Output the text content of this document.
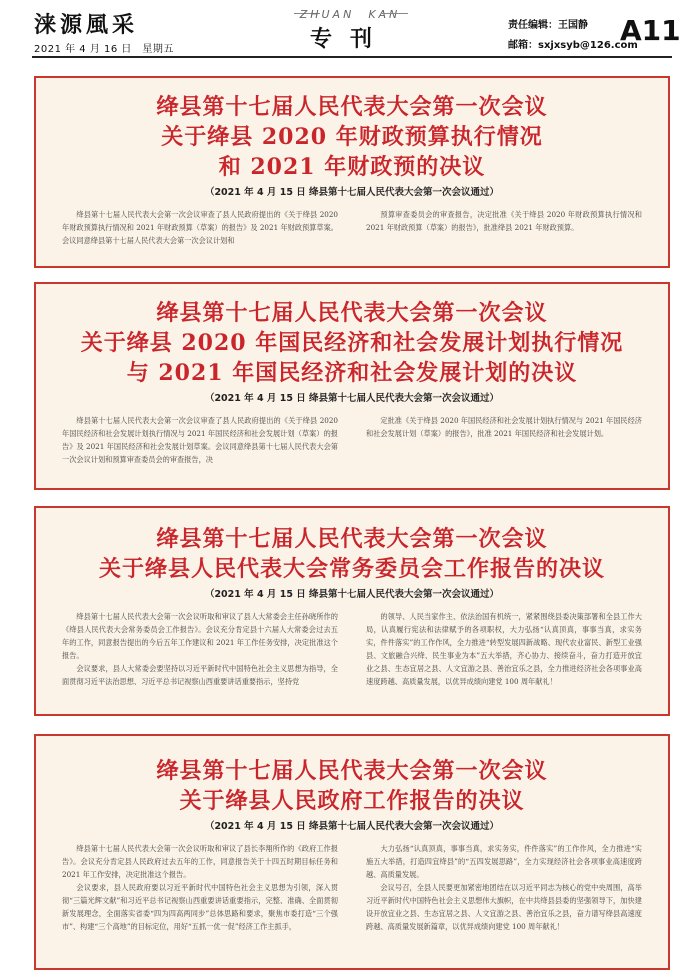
涞源風采
2021 年 4 月 16 日　星期五
ZHUAN　KAN
专刊
责任编辑：王国静
邮箱：sxjxsyb@126.com
A11
绛县第十七届人民代表大会第一次会议
关于绛县 2020 年财政预算执行情况
和 2021 年财政预的决议
（2021 年 4 月 15 日 绛县第十七届人民代表大会第一次会议通过）

绛县第十七届人民代表大会第一次会议审查了县人民政府提出的《关于绛县 2020 年财政预算执行情况和 2021 年财政预算（草案）的报告》及 2021 年财政预算草案。会议同意绛县第十七届人民代表大会第一次会议计划和

预算审查委员会的审查报告，决定批准《关于绛县 2020 年财政预算执行情况和 2021 年财政预算（草案）的报告》，批准绛县 2021 年财政预算。

绛县第十七届人民代表大会第一次会议
关于绛县 2020 年国民经济和社会发展计划执行情况
与 2021 年国民经济和社会发展计划的决议
（2021 年 4 月 15 日 绛县第十七届人民代表大会第一次会议通过）

绛县第十七届人民代表大会第一次会议审查了县人民政府提出的《关于绛县 2020 年国民经济和社会发展计划执行情况与 2021 年国民经济和社会发展计划（草案）的报告》及 2021 年国民经济和社会发展计划草案。会议同意绛县第十七届人民代表大会第一次会议计划和预算审查委员会的审查报告，决

定批准《关于绛县 2020 年国民经济和社会发展计划执行情况与 2021 年国民经济和社会发展计划（草案）的报告》，批准 2021 年国民经济和社会发展计划。

绛县第十七届人民代表大会第一次会议
关于绛县人民代表大会常务委员会工作报告的决议
（2021 年 4 月 15 日 绛县第十七届人民代表大会第一次会议通过）

绛县第十七届人民代表大会第一次会议听取和审议了县人大常委会主任孙晓所作的《绛县人民代表大会常务委员会工作报告》。会议充分肯定县十六届人大常委会过去五年的工作，同意报告提出的今后五年工作建议和 2021 年工作任务安排，决定批准这个报告。

会议要求，县人大常委会要坚持以习近平新时代中国特色社会主义思想为指导，全面贯彻习近平法治思想、习近平总书记视察山西重要讲话重要指示，坚持党

的领导、人民当家作主、依法治国有机统一，紧紧围绕县委决策部署和全县工作大局，认真履行宪法和法律赋予的各项职权，大力弘扬“认真顶真，事事当真，求实务实，件件落实”的工作作风，全力推进“转型发展四新战略、现代农业富民、新型工业强县、文旅融合兴绛、民生事业为本”五大举措，齐心协力、接续奋斗，奋力打造开放宜业之县、生态宜居之县、人文宜游之县、善治宜乐之县，全力推进经济社会各项事业高速度跨越、高质量发展，以优异成绩向建党 100 周年献礼！

绛县第十七届人民代表大会第一次会议
关于绛县人民政府工作报告的决议
（2021 年 4 月 15 日 绛县第十七届人民代表大会第一次会议通过）

绛县第十七届人民代表大会第一次会议听取和审议了县长李翔所作的《政府工作报告》。会议充分肯定县人民政府过去五年的工作，同意报告关于十四五时期目标任务和 2021 年工作安排，决定批准这个报告。

会议要求，县人民政府要以习近平新时代中国特色社会主义思想为引领，深入贯彻“三篇光辉文献”和习近平总书记视察山西重要讲话重要指示，完整、准确、全面贯彻新发展理念，全面落实省委“四为四高两同步”总体思路和要求，聚焦市委打造“三个强市”、构建“三个高地”的目标定位，用好“五抓一优一促”经济工作主抓手，

大力弘扬“认真顶真，事事当真，求实务实，件件落实”的工作作风，全力推进“实施五大举措，打造四宜绛县”的“五四发展思路”，全力实现经济社会各项事业高速度跨越、高质量发展。

会议号召，全县人民要更加紧密地团结在以习近平同志为核心的党中央周围，高举习近平新时代中国特色社会主义思想伟大旗帜，在中共绛县县委的坚强领导下，加快建设开放宜业之县、生态宜居之县、人文宜游之县、善治宜乐之县，奋力谱写绛县高速度跨越、高质量发展新篇章，以优异成绩向建党 100 周年献礼！
